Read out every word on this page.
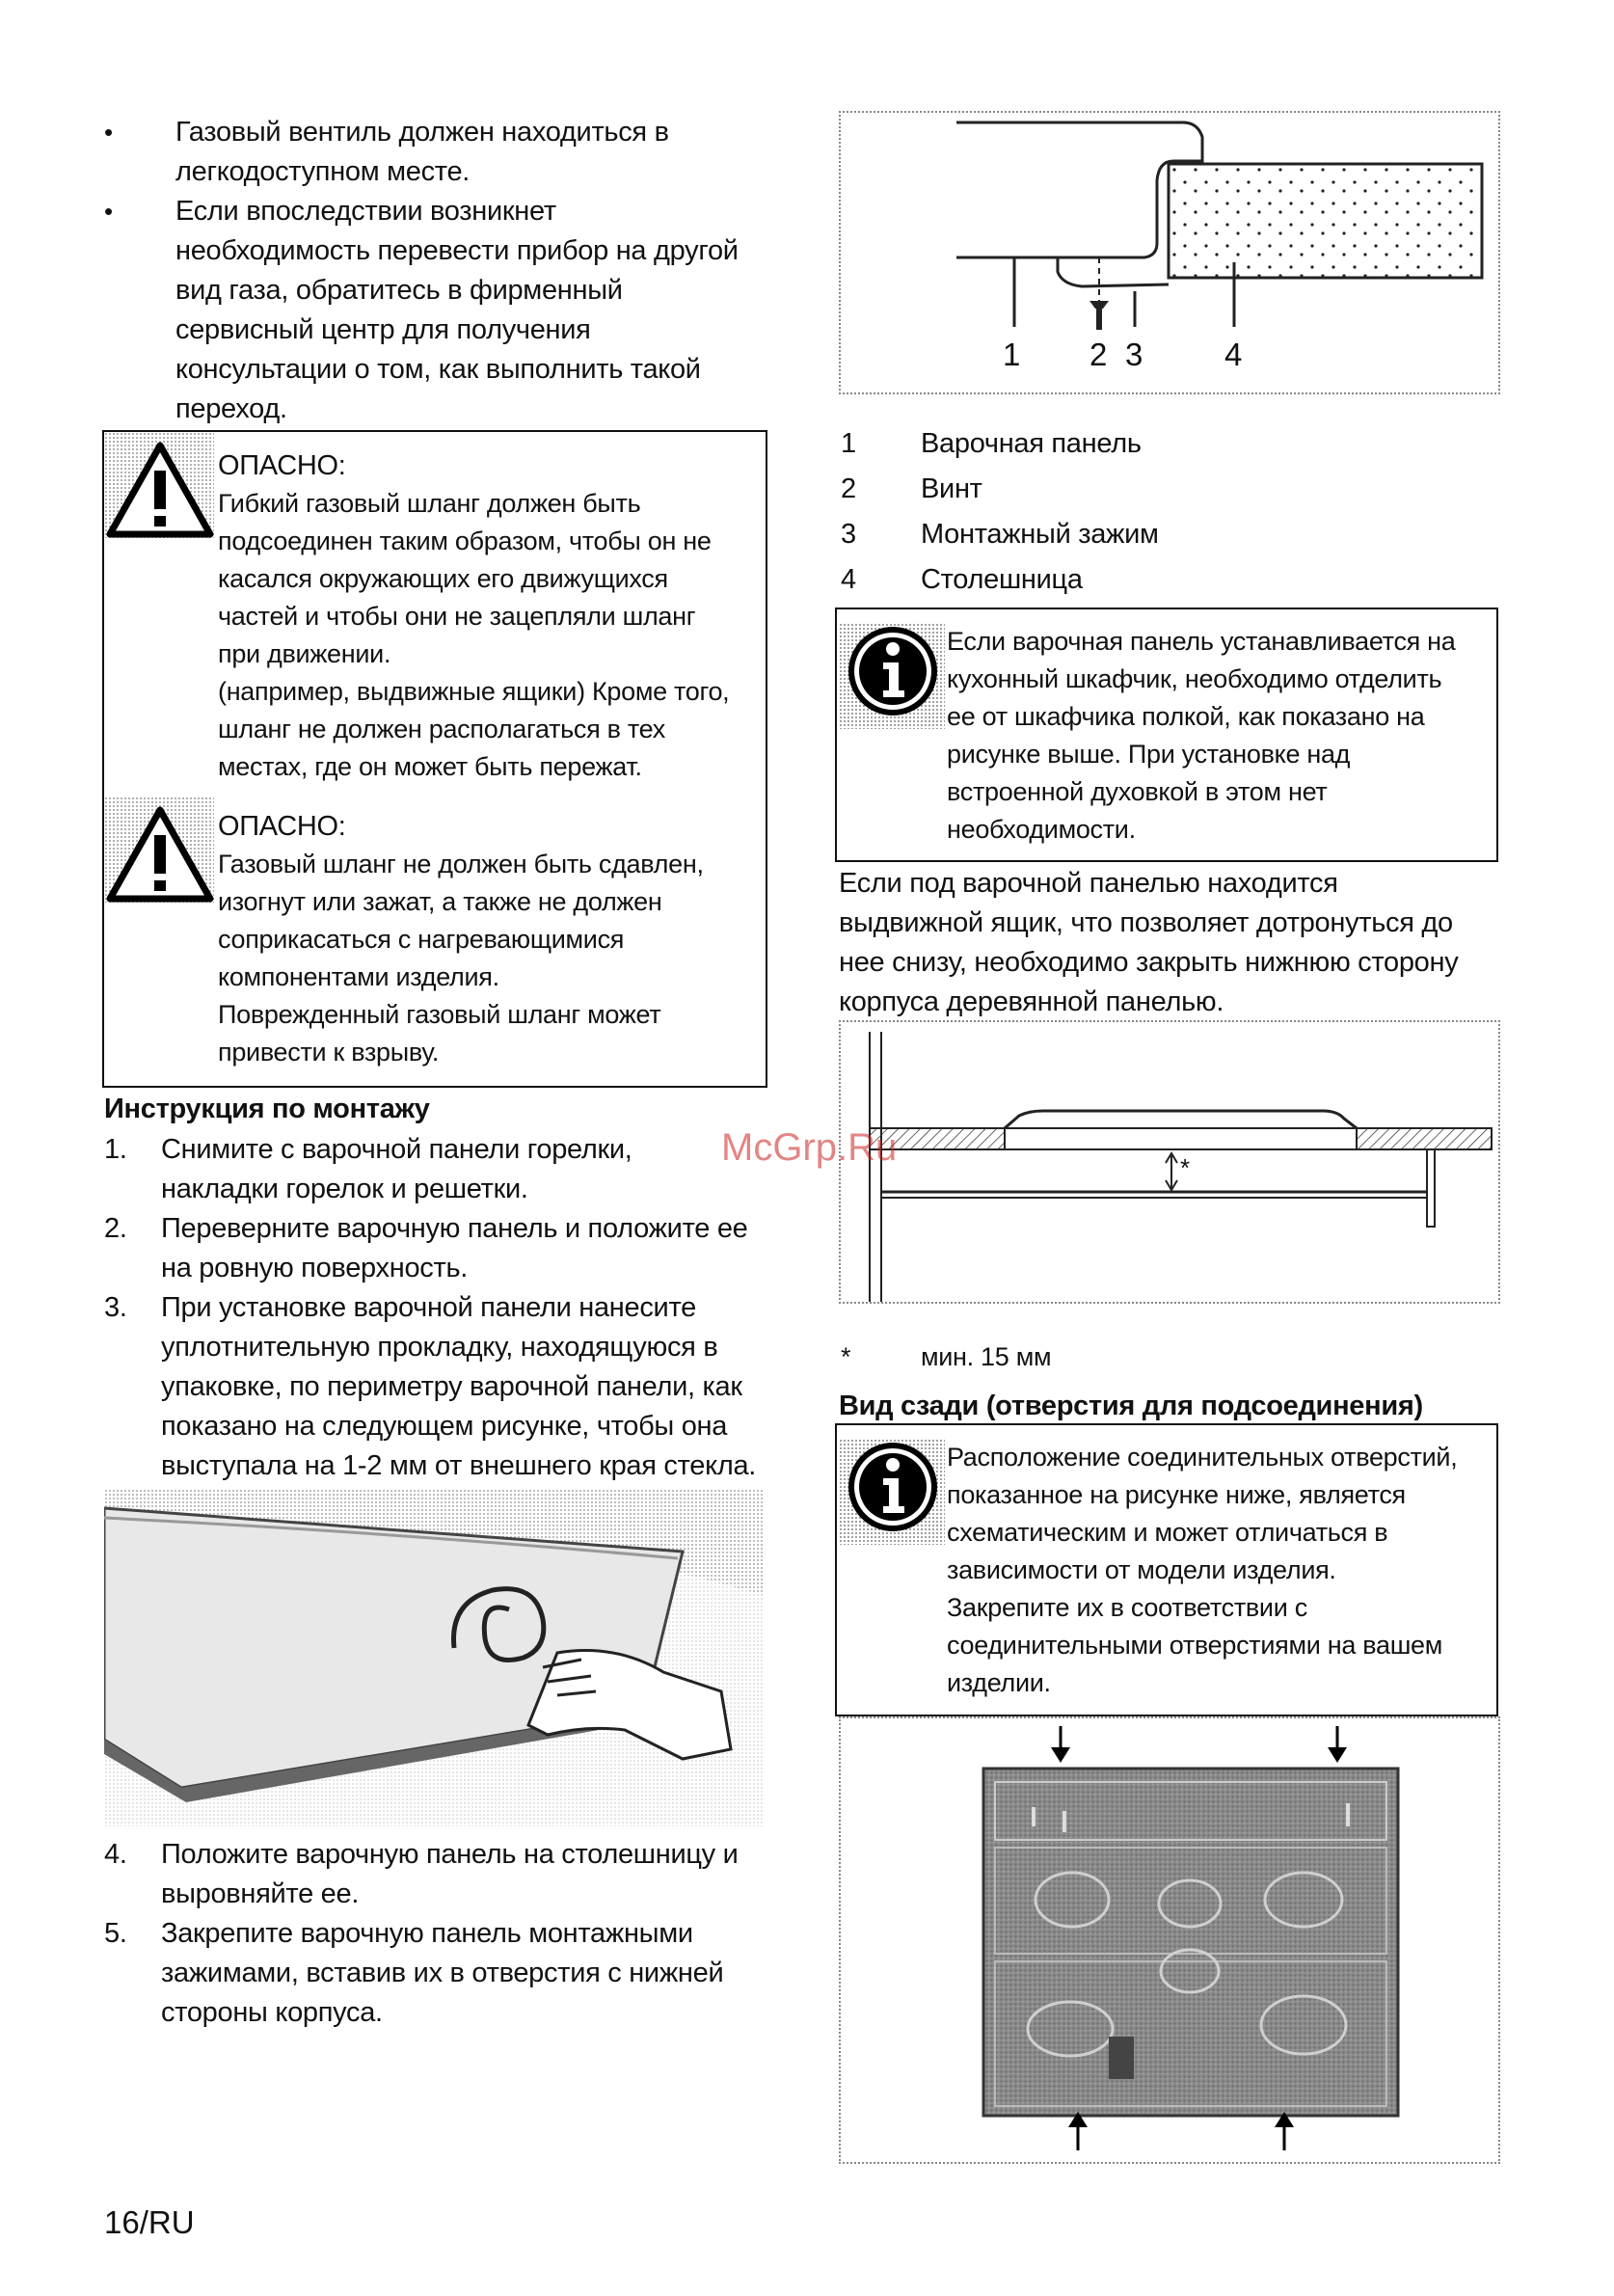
• Газовый вентиль должен находиться в
легкодоступном месте.
• Если впоследствии возникнет
необходимость перевести прибор на другой
вид газа, обратитесь в фирменный
сервисный центр для получения
консультации о том, как выполнить такой
переход.
ОПАСНО:
Гибкий газовый шланг должен быть
подсоединен таким образом, чтобы он не
касался окружающих его движущихся
частей и чтобы они не зацепляли шланг
при движении.
(например, выдвижные ящики) Кроме того,
шланг не должен располагаться в тех
местах, где он может быть пережат.
ОПАСНО:
Газовый шланг не должен быть сдавлен,
изогнут или зажат, а также не должен
соприкасаться с нагревающимися
компонентами изделия.
Поврежденный газовый шланг может
привести к взрыву.
Инструкция по монтажу
1. Снимите с варочной панели горелки,
накладки горелок и решетки.
2. Переверните варочную панель и положите ее
на ровную поверхность.
3. При установке варочной панели нанесите
уплотнительную прокладку, находящуюся в
упаковке, по периметру варочной панели, как
показано на следующем рисунке, чтобы она
выступала на 1-2 мм от внешнего края стекла.
4. Положите варочную панель на столешницу и
выровняйте ее.
5. Закрепите варочную панель монтажными
зажимами, вставив их в отверстия с нижней
стороны корпуса.
16/RU
1 2 3	4
1 Варочная панель
2 Винт
3 Монтажный зажим
4 Столешница
Если варочная панель устанавливается на
кухонный шкафчик, необходимо отделить
ее от шкафчика полкой, как показано на
рисунке выше. При установке над
встроенной духовкой в этом нет
необходимости.
Если под варочной панелью находится
выдвижной ящик, что позволяет дотронуться до
нее снизу, необходимо закрыть нижнюю сторону
корпуса деревянной панелью.
*
McGrp.Ru
*	мин. 15 мм
Вид сзади (отверстия для подсоединения)
Расположение соединительных отверстий,
показанное на рисунке ниже, является
схематическим и может отличаться в
зависимости от модели изделия.
Закрепите их в соответствии с
соединительными отверстиями на вашем
изделии.
